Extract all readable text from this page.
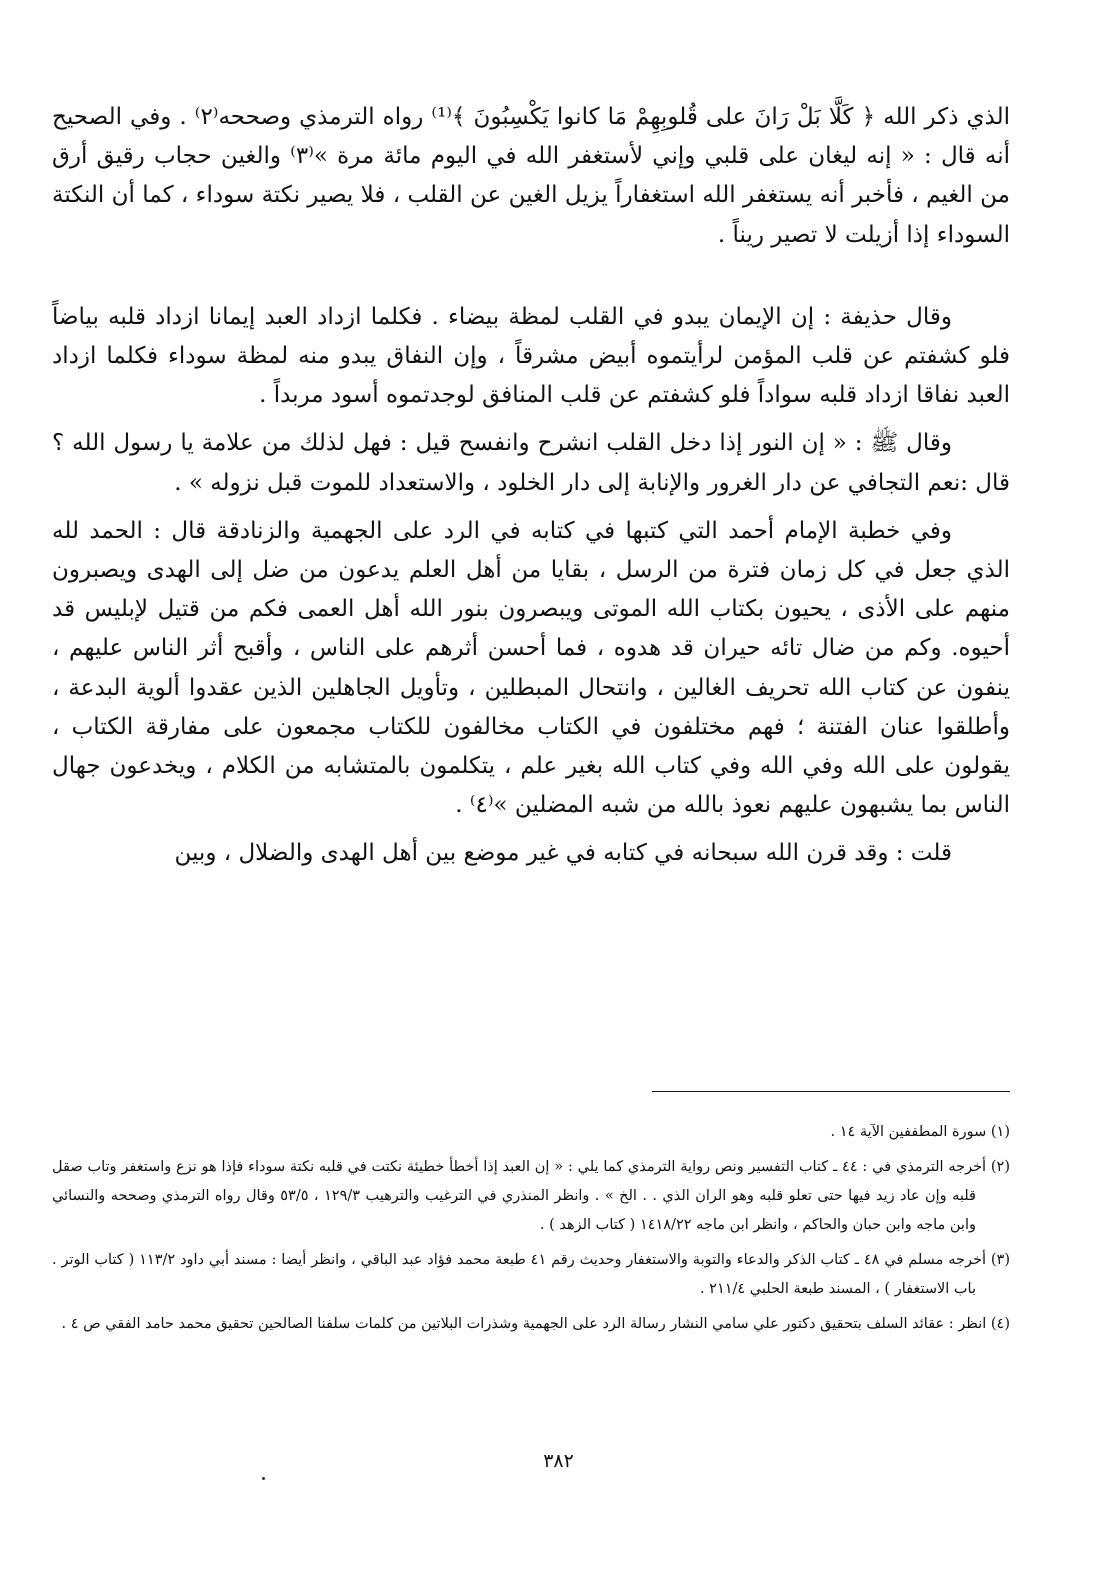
الذي ذكر الله ﴿ كَلَّا بَلْ رَانَ على قُلوبِهِمْ مَا كانوا يَكْسِبُونَ ﴾⁽¹⁾ رواه الترمذي وصححه⁽٢⁾ . وفي الصحيح أنه قال : « إنه ليغان على قلبي وإني لأستغفر الله في اليوم مائة مرة »⁽٣⁾ والغين حجاب رقيق أرق من الغيم ، فأخبر أنه يستغفر الله استغفاراً يزيل الغين عن القلب ، فلا يصير نكتة سوداء ، كما أن النكتة السوداء إذا أزيلت لا تصير ريناً .

وقال حذيفة : إن الإيمان يبدو في القلب لمظة بيضاء . فكلما ازداد العبد إيمانا ازداد قلبه بياضاً فلو كشفتم عن قلب المؤمن لرأيتموه أبيض مشرقاً ، وإن النفاق يبدو منه لمظة سوداء فكلما ازداد العبد نفاقا ازداد قلبه سواداً فلو كشفتم عن قلب المنافق لوجدتموه أسود مربداً .

وقال ﷺ : « إن النور إذا دخل القلب انشرح وانفسح قيل : فهل لذلك من علامة يا رسول الله ؟ قال :نعم التجافي عن دار الغرور والإنابة إلى دار الخلود ، والاستعداد للموت قبل نزوله » .

وفي خطبة الإمام أحمد التي كتبها في كتابه في الرد على الجهمية والزنادقة قال : الحمد لله الذي جعل في كل زمان فترة من الرسل ، بقايا من أهل العلم يدعون من ضل إلى الهدى ويصبرون منهم على الأذى ، يحيون بكتاب الله الموتى ويبصرون بنور الله أهل العمى فكم من قتيل لإبليس قد أحيوه. وكم من ضال تائه حيران قد هدوه ، فما أحسن أثرهم على الناس ، وأقبح أثر الناس عليهم ، ينفون عن كتاب الله تحريف الغالين ، وانتحال المبطلين ، وتأويل الجاهلين الذين عقدوا ألوية البدعة ، وأطلقوا عنان الفتنة ؛ فهم مختلفون في الكتاب مخالفون للكتاب مجمعون على مفارقة الكتاب ، يقولون على الله وفي الله وفي كتاب الله بغير علم ، يتكلمون بالمتشابه من الكلام ، ويخدعون جهال الناس بما يشبهون عليهم نعوذ بالله من شبه المضلين »⁽٤⁾ .

قلت : وقد قرن الله سبحانه في كتابه في غير موضع بين أهل الهدى والضلال ، وبين

(١) سورة المطففين الآية ١٤ .

(٢) أخرجه الترمذي في : ٤٤ ـ كتاب التفسير ونص رواية الترمذي كما يلي : « إن العبد إذا أخطأ خطيئة نكتت في قلبه نكتة سوداء فإذا هو نزع واستغفر وتاب صقل قلبه وإن عاد زيد فيها حتى تعلو قلبه وهو الران الذي . . الخ » . وانظر المنذري في الترغيب والترهيب ١٢٩/٣ ، ٥٣/٥ وقال رواه الترمذي وصححه والنسائي وابن ماجه وابن حبان والحاكم ، وانظر ابن ماجه ١٤١٨/٢٢ ( كتاب الزهد ) .

(٣) أخرجه مسلم في ٤٨ ـ كتاب الذكر والدعاء والتوبة والاستغفار وحديث رقم ٤١ طبعة محمد فؤاد عبد الباقي ، وانظر أيضا : مسند أبي داود ١١٣/٢ ( كتاب الوتر . باب الاستغفار ) ، المسند طبعة الحلبي ٢١١/٤ .

(٤) انظر : عقائد السلف بتحقيق دكتور علي سامي النشار رسالة الرد على الجهمية وشذرات البلاتين من كلمات سلفنا الصالحين تحقيق محمد حامد الفقي ص ٤ .

٣٨٢
